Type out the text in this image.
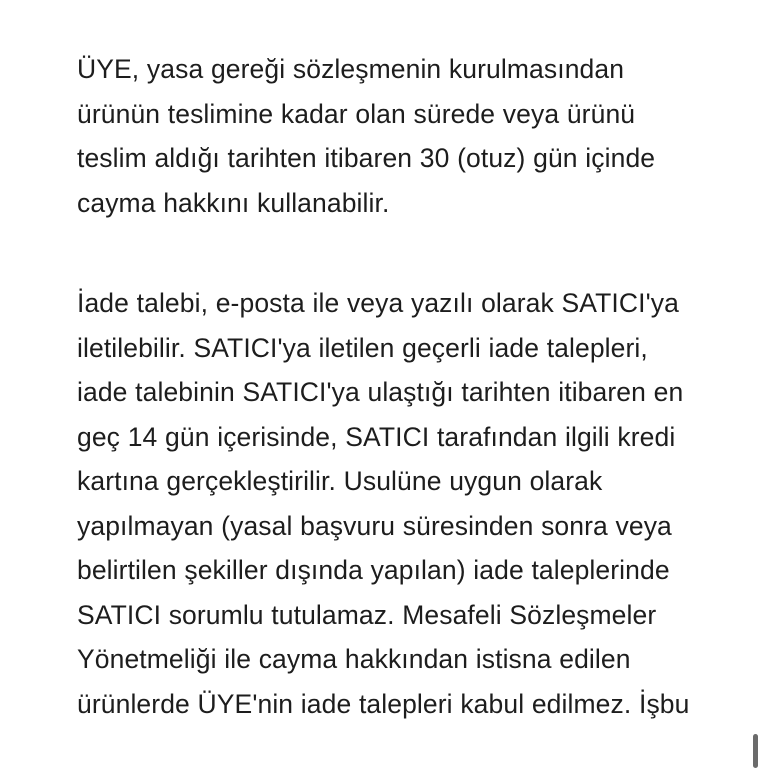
ÜYE, yasa gereği sözleşmenin kurulmasından ürünün teslimine kadar olan sürede veya ürünü teslim aldığı tarihten itibaren 30 (otuz) gün içinde cayma hakkını kullanabilir.

İade talebi, e-posta ile veya yazılı olarak SATICI'ya iletilebilir. SATICI'ya iletilen geçerli iade talepleri, iade talebinin SATICI'ya ulaştığı tarihten itibaren en geç 14 gün içerisinde, SATICI tarafından ilgili kredi kartına gerçekleştirilir. Usulüne uygun olarak yapılmayan (yasal başvuru süresinden sonra veya belirtilen şekiller dışında yapılan) iade taleplerinde SATICI sorumlu tutulamaz. Mesafeli Sözleşmeler Yönetmeliği ile cayma hakkından istisna edilen ürünlerde ÜYE'nin iade talepleri kabul edilmez. İşbu
